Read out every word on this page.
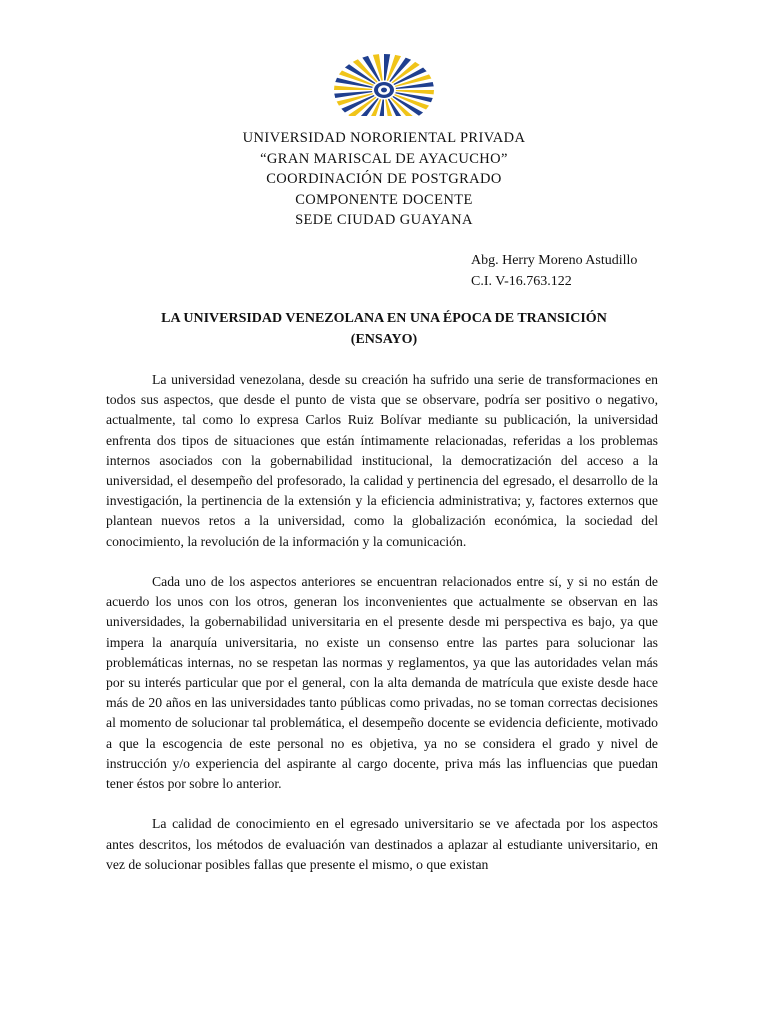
UNIVERSIDAD NORORIENTAL PRIVADA
“GRAN MARISCAL DE AYACUCHO”
COORDINACIÓN DE POSTGRADO
COMPONENTE DOCENTE
SEDE CIUDAD GUAYANA
Abg. Herry Moreno Astudillo
C.I. V-16.763.122
LA UNIVERSIDAD VENEZOLANA EN UNA ÉPOCA DE TRANSICIÓN
(ENSAYO)

La universidad venezolana, desde su creación ha sufrido una serie de transformaciones en todos sus aspectos, que desde el punto de vista que se observare, podría ser positivo o negativo, actualmente, tal como lo expresa Carlos Ruiz Bolívar mediante su publicación, la universidad enfrenta dos tipos de situaciones que están íntimamente relacionadas, referidas a los problemas internos asociados con la gobernabilidad institucional, la democratización del acceso a la universidad, el desempeño del profesorado, la calidad y pertinencia del egresado, el desarrollo de la investigación, la pertinencia de la extensión y la eficiencia administrativa; y, factores externos que plantean nuevos retos a la universidad, como la globalización económica, la sociedad del conocimiento, la revolución de la información y la comunicación.

Cada uno de los aspectos anteriores se encuentran relacionados entre sí, y si no están de acuerdo los unos con los otros, generan los inconvenientes que actualmente se observan en las universidades, la gobernabilidad universitaria en el presente desde mi perspectiva es bajo, ya que impera la anarquía universitaria, no existe un consenso entre las partes para solucionar las problemáticas internas, no se respetan las normas y reglamentos, ya que las autoridades velan más por su interés particular que por el general, con la alta demanda de matrícula que existe desde hace más de 20 años en las universidades tanto públicas como privadas, no se toman correctas decisiones al momento de solucionar tal problemática, el desempeño docente se evidencia deficiente, motivado a que la escogencia de este personal no es objetiva, ya no se considera el grado y nivel de instrucción y/o experiencia del aspirante al cargo docente, priva más las influencias que puedan tener éstos por sobre lo anterior.

La calidad de conocimiento en el egresado universitario se ve afectada por los aspectos antes descritos, los métodos de evaluación van destinados a aplazar al estudiante universitario, en vez de solucionar posibles fallas que presente el mismo, o que existan
